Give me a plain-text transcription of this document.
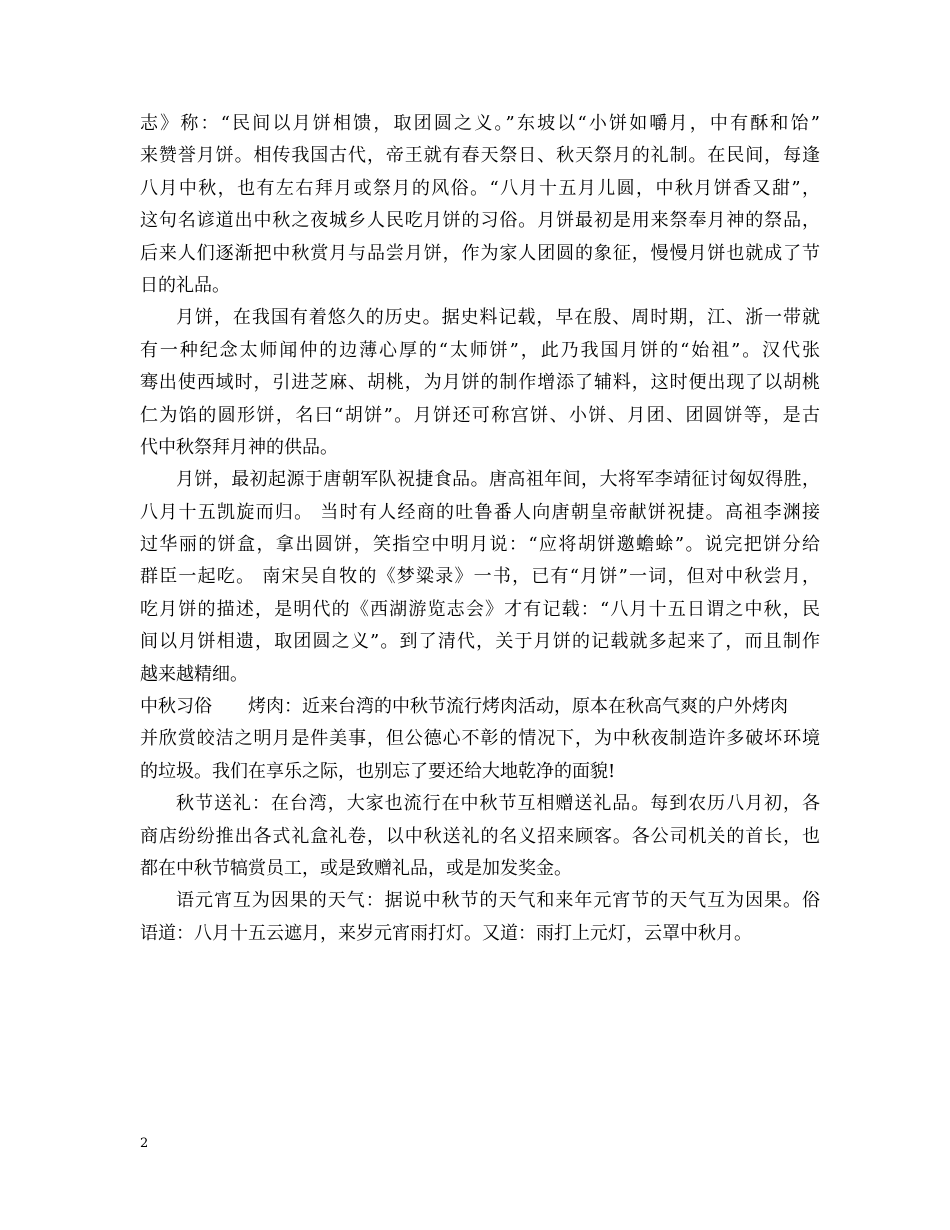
志》称：“民间以月饼相馈，取团圆之义。”东坡以“小饼如嚼月，中有酥和饴”
来赞誉月饼。相传我国古代，帝王就有春天祭日、秋天祭月的礼制。在民间，每逢
八月中秋，也有左右拜月或祭月的风俗。“八月十五月儿圆，中秋月饼香又甜”，
这句名谚道出中秋之夜城乡人民吃月饼的习俗。月饼最初是用来祭奉月神的祭品，
后来人们逐渐把中秋赏月与品尝月饼，作为家人团圆的象征，慢慢月饼也就成了节
日的礼品。
月饼，在我国有着悠久的历史。据史料记载，早在殷、周时期，江、浙一带就
有一种纪念太师闻仲的边薄心厚的“太师饼”，此乃我国月饼的“始祖”。汉代张
骞出使西域时，引进芝麻、胡桃，为月饼的制作增添了辅料，这时便出现了以胡桃
仁为馅的圆形饼，名曰“胡饼”。月饼还可称宫饼、小饼、月团、团圆饼等，是古
代中秋祭拜月神的供品。
月饼，最初起源于唐朝军队祝捷食品。唐高祖年间，大将军李靖征讨匈奴得胜，
八月十五凯旋而归。 当时有人经商的吐鲁番人向唐朝皇帝献饼祝捷。高祖李渊接
过华丽的饼盒，拿出圆饼，笑指空中明月说：“应将胡饼邀蟾蜍”。说完把饼分给
群臣一起吃。 南宋吴自牧的《梦粱录》一书，已有“月饼”一词，但对中秋尝月，
吃月饼的描述，是明代的《西湖游览志会》才有记载：“八月十五日谓之中秋，民
间以月饼相遗，取团圆之义”。到了清代，关于月饼的记载就多起来了，而且制作
越来越精细。
中秋习俗 烤肉：近来台湾的中秋节流行烤肉活动，原本在秋高气爽的户外烤肉
并欣赏皎洁之明月是件美事，但公德心不彰的情况下，为中秋夜制造许多破坏环境
的垃圾。我们在享乐之际，也别忘了要还给大地乾净的面貌!
秋节送礼：在台湾，大家也流行在中秋节互相赠送礼品。每到农历八月初，各
商店纷纷推出各式礼盒礼卷，以中秋送礼的名义招来顾客。各公司机关的首长，也
都在中秋节犒赏员工，或是致赠礼品，或是加发奖金。
语元宵互为因果的天气：据说中秋节的天气和来年元宵节的天气互为因果。俗
语道：八月十五云遮月，来岁元宵雨打灯。又道：雨打上元灯，云罩中秋月。
2
